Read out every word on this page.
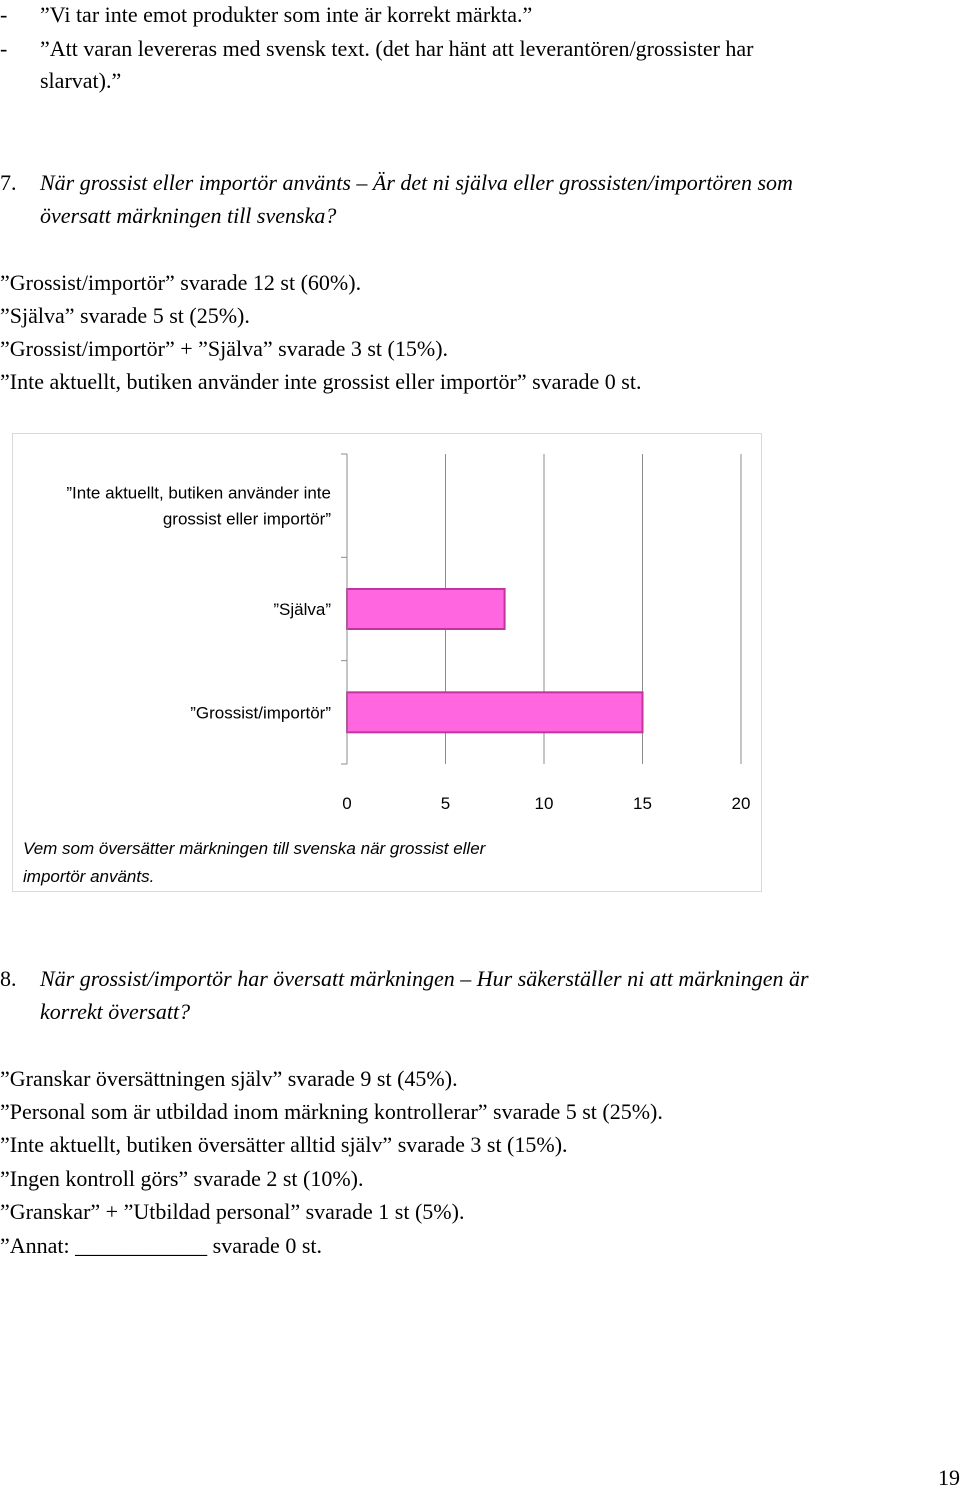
- ”Vi tar inte emot produkter som inte är korrekt märkta.”
- ”Att varan levereras med svensk text. (det har hänt att leverantören/grossister har
slarvat).”
7. När grossist eller importör använts – Är det ni själva eller grossisten/importören som
översatt märkningen till svenska?
”Grossist/importör” svarade 12 st (60%).
”Själva” svarade 5 st (25%).
”Grossist/importör” + ”Själva” svarade 3 st (15%).
”Inte aktuellt, butiken använder inte grossist eller importör” svarade 0 st.
0	5	10	15	20
”Grossist/importör”
”Själva”
”Inte aktuellt, butiken använder inte
grossist eller importör”
Vem som översätter märkningen till svenska när grossist eller
importör använts.
8. När grossist/importör har översatt märkningen – Hur säkerställer ni att märkningen är
korrekt översatt?
”Granskar översättningen själv” svarade 9 st (45%).
”Personal som är utbildad inom märkning kontrollerar” svarade 5 st (25%).
”Inte aktuellt, butiken översätter alltid själv” svarade 3 st (15%).
”Ingen kontroll görs” svarade 2 st (10%).
”Granskar” + ”Utbildad personal” svarade 1 st (5%).
”Annat: ____________ svarade 0 st.
19
